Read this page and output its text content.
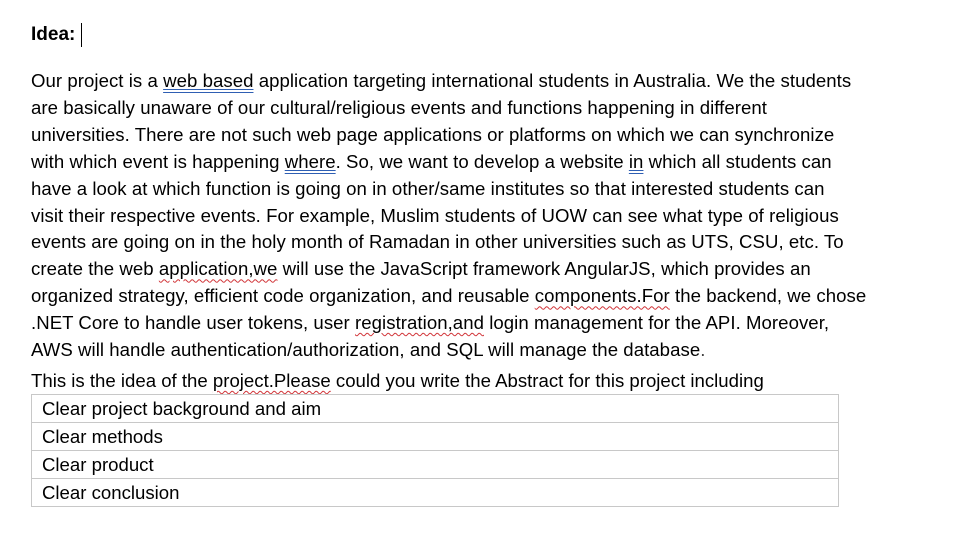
Idea:
Our project is a web based application targeting international students in Australia. We the students
are basically unaware of our cultural/religious events and functions happening in different
universities. There are not such web page applications or platforms on which we can synchronize
with which event is happening where. So, we want to develop a website in which all students can
have a look at which function is going on in other/same institutes so that interested students can
visit their respective events. For example, Muslim students of UOW can see what type of religious
events are going on in the holy month of Ramadan in other universities such as UTS, CSU, etc. To
create the web application,we will use the JavaScript framework AngularJS, which provides an
organized strategy, efficient code organization, and reusable components.For the backend, we chose
.NET Core to handle user tokens, user registration,and login management for the API. Moreover,
AWS will handle authentication/authorization, and SQL will manage the database.
This is the idea of the project.Please could you write the Abstract for this project including
Clear project background and aim
Clear methods
Clear product
Clear conclusion
